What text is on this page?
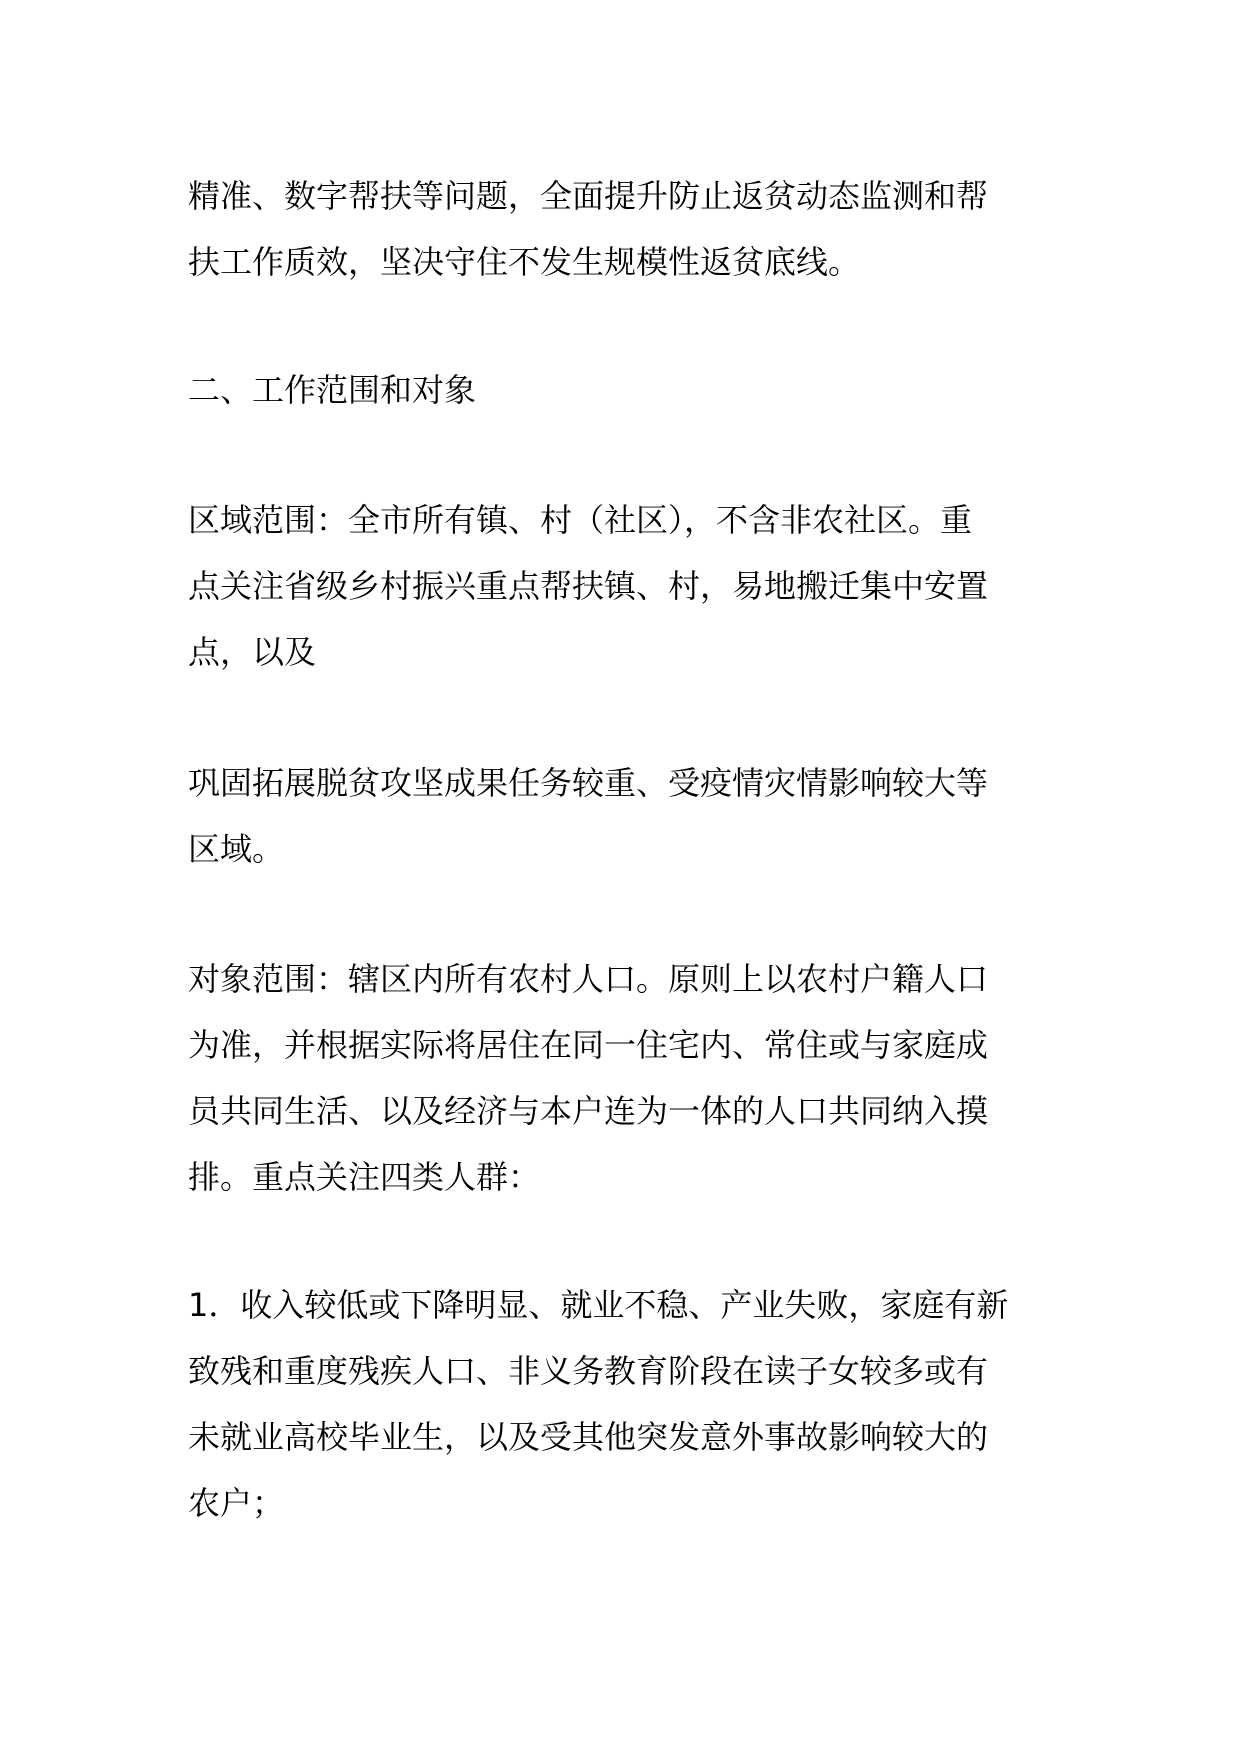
精准、数字帮扶等问题，全面提升防止返贫动态监测和帮

扶工作质效，坚决守住不发生规模性返贫底线。

二、工作范围和对象

区域范围：全市所有镇、村（社区），不含非农社区。重

点关注省级乡村振兴重点帮扶镇、村，易地搬迁集中安置

点，以及

巩固拓展脱贫攻坚成果任务较重、受疫情灾情影响较大等

区域。

对象范围：辖区内所有农村人口。原则上以农村户籍人口

为准，并根据实际将居住在同一住宅内、常住或与家庭成

员共同生活、以及经济与本户连为一体的人口共同纳入摸

排。重点关注四类人群：

1．收入较低或下降明显、就业不稳、产业失败，家庭有新

致残和重度残疾人口、非义务教育阶段在读子女较多或有

未就业高校毕业生，以及受其他突发意外事故影响较大的

农户；
